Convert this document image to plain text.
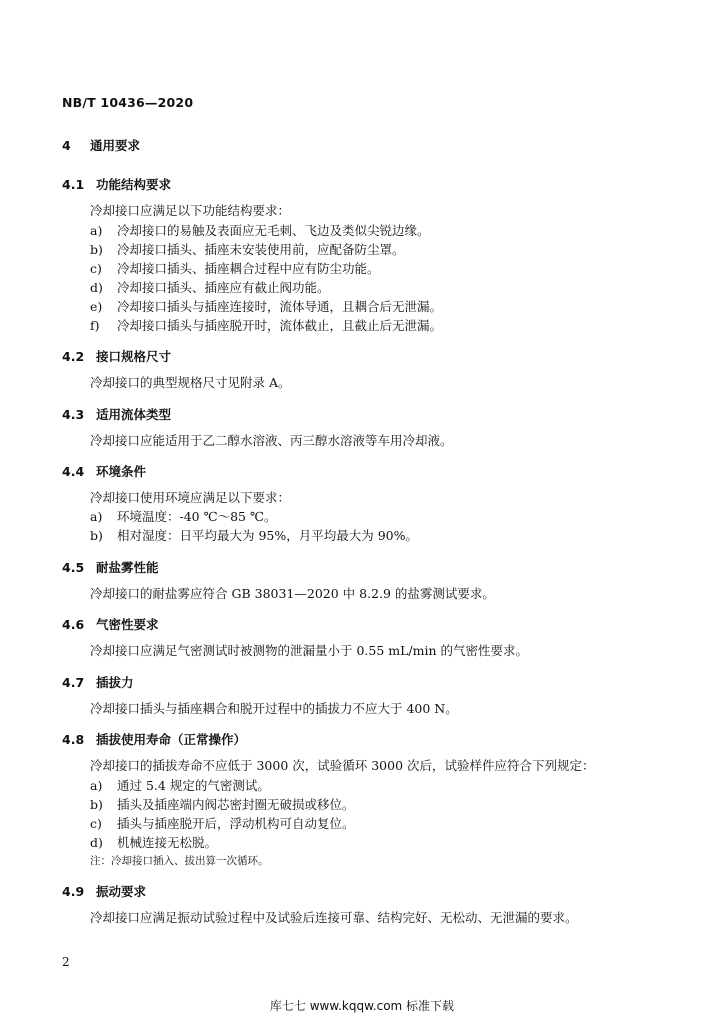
NB/T 10436—2020
4 通用要求
4.1 功能结构要求
冷却接口应满足以下功能结构要求：
a) 冷却接口的易触及表面应无毛刺、飞边及类似尖锐边缘。
b) 冷却接口插头、插座未安装使用前，应配备防尘罩。
c) 冷却接口插头、插座耦合过程中应有防尘功能。
d) 冷却接口插头、插座应有截止阀功能。
e) 冷却接口插头与插座连接时，流体导通，且耦合后无泄漏。
f) 冷却接口插头与插座脱开时，流体截止，且截止后无泄漏。
4.2 接口规格尺寸
冷却接口的典型规格尺寸见附录 A。
4.3 适用流体类型
冷却接口应能适用于乙二醇水溶液、丙三醇水溶液等车用冷却液。
4.4 环境条件
冷却接口使用环境应满足以下要求：
a) 环境温度：-40 ℃～85 ℃。
b) 相对湿度：日平均最大为 95%，月平均最大为 90%。
4.5 耐盐雾性能
冷却接口的耐盐雾应符合 GB 38031—2020 中 8.2.9 的盐雾测试要求。
4.6 气密性要求
冷却接口应满足气密测试时被测物的泄漏量小于 0.55 mL/min 的气密性要求。
4.7 插拔力
冷却接口插头与插座耦合和脱开过程中的插拔力不应大于 400 N。
4.8 插拔使用寿命（正常操作）
冷却接口的插拔寿命不应低于 3000 次，试验循环 3000 次后，试验样件应符合下列规定：
a) 通过 5.4 规定的气密测试。
b) 插头及插座端内阀芯密封圈无破损或移位。
c) 插头与插座脱开后，浮动机构可自动复位。
d) 机械连接无松脱。
注：冷却接口插入、拔出算一次循环。
4.9 振动要求
冷却接口应满足振动试验过程中及试验后连接可靠、结构完好、无松动、无泄漏的要求。
2
库七七 www.kqqw.com 标准下载
